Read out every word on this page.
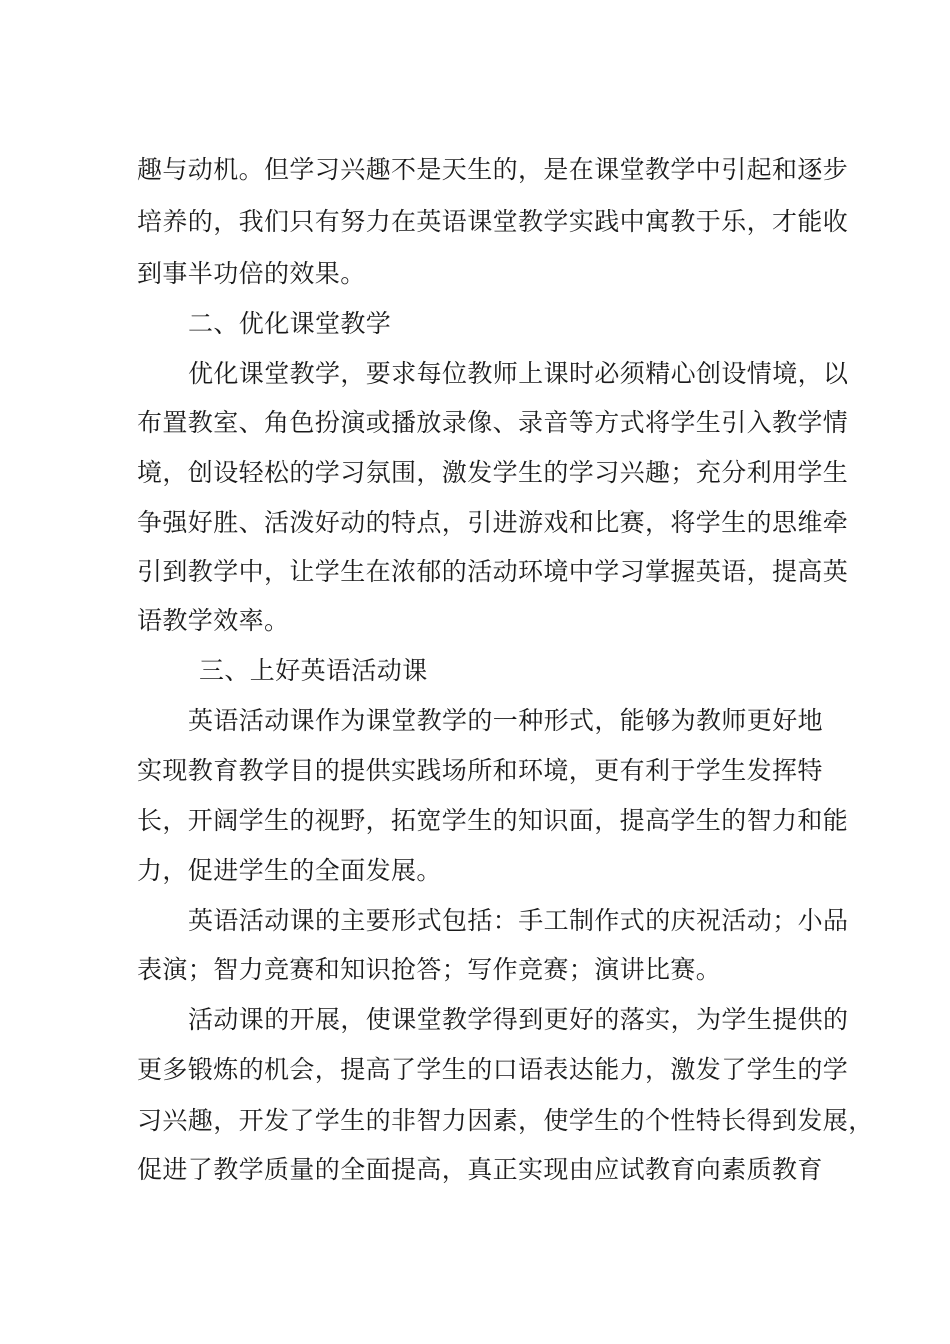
趣与动机。但学习兴趣不是天生的，是在课堂教学中引起和逐步
培养的，我们只有努力在英语课堂教学实践中寓教于乐，才能收
到事半功倍的效果。
二、优化课堂教学
优化课堂教学，要求每位教师上课时必须精心创设情境，以
布置教室、角色扮演或播放录像、录音等方式将学生引入教学情
境，创设轻松的学习氛围，激发学生的学习兴趣；充分利用学生
争强好胜、活泼好动的特点，引进游戏和比赛，将学生的思维牵
引到教学中，让学生在浓郁的活动环境中学习掌握英语，提高英
语教学效率。
三、上好英语活动课
英语活动课作为课堂教学的一种形式，能够为教师更好地
实现教育教学目的提供实践场所和环境，更有利于学生发挥特
长，开阔学生的视野，拓宽学生的知识面，提高学生的智力和能
力，促进学生的全面发展。
英语活动课的主要形式包括：手工制作式的庆祝活动；小品
表演；智力竞赛和知识抢答；写作竞赛；演讲比赛。
活动课的开展，使课堂教学得到更好的落实，为学生提供的
更多锻炼的机会，提高了学生的口语表达能力，激发了学生的学
习兴趣，开发了学生的非智力因素，使学生的个性特长得到发展，
促进了教学质量的全面提高，真正实现由应试教育向素质教育
